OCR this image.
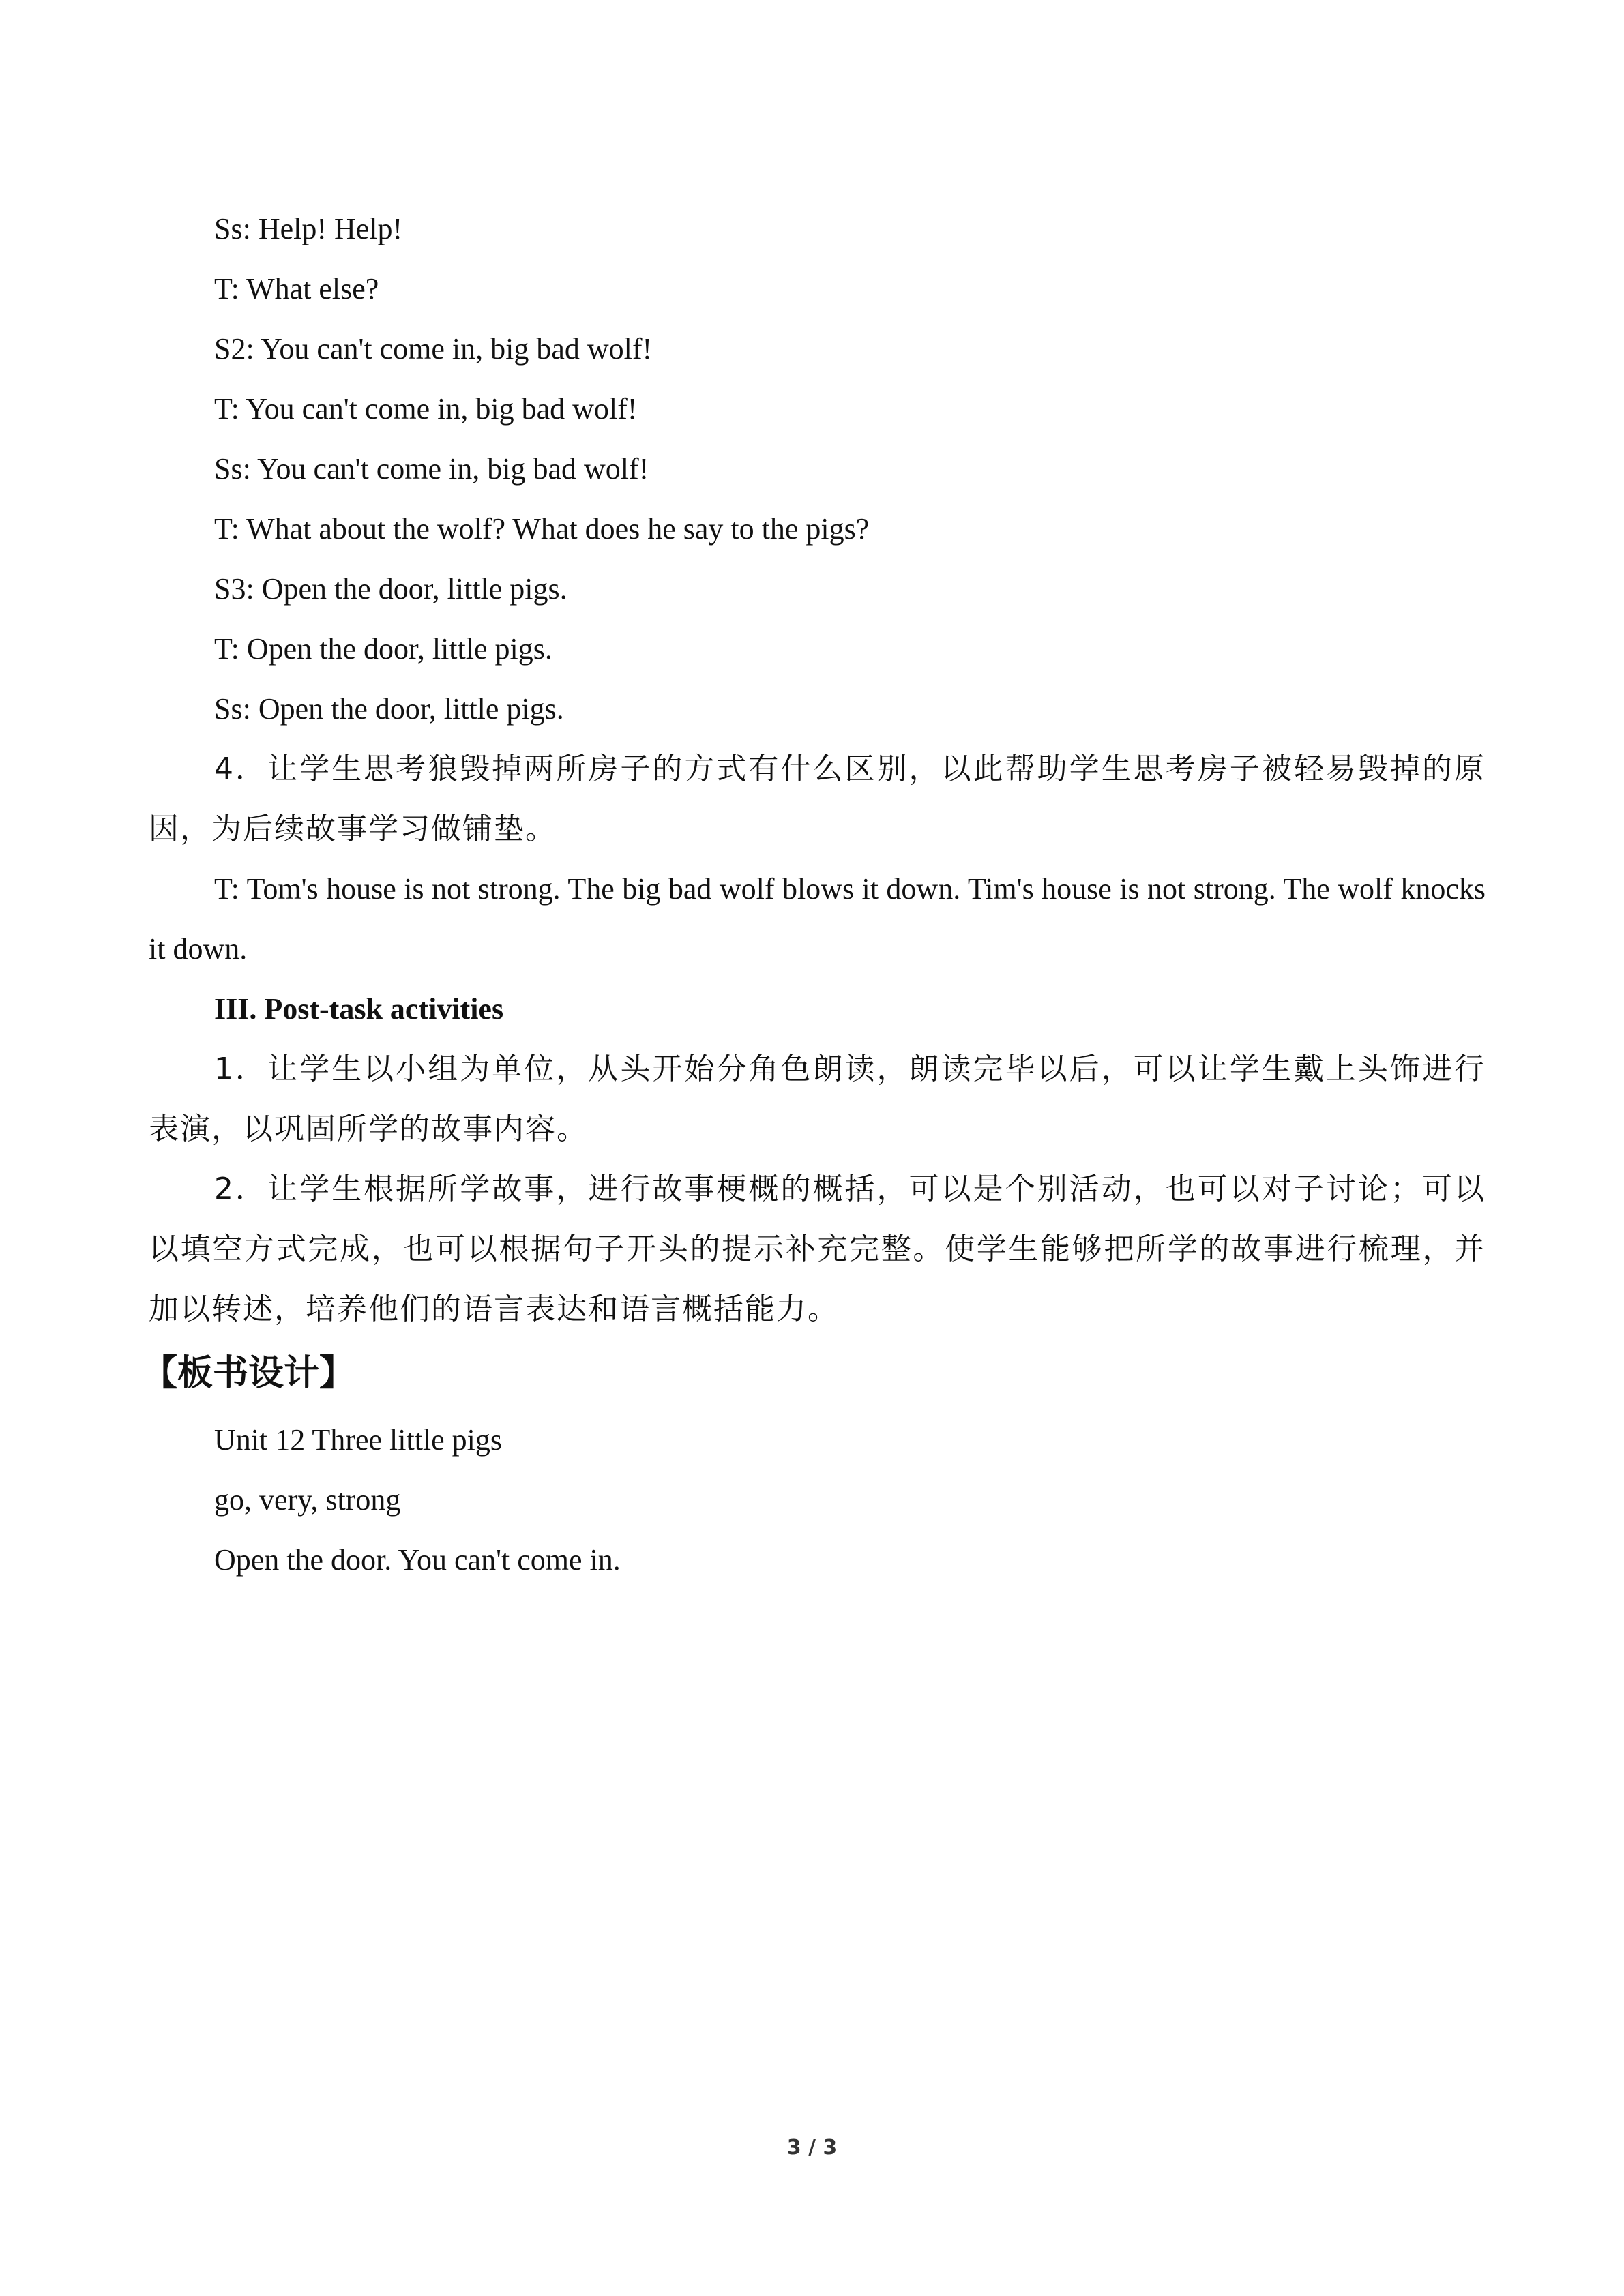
Ss: Help! Help!

T: What else?

S2: You can't come in, big bad wolf!

T: You can't come in, big bad wolf!

Ss: You can't come in, big bad wolf!

T: What about the wolf? What does he say to the pigs?

S3: Open the door, little pigs.

T: Open the door, little pigs.

Ss: Open the door, little pigs.

4．让学生思考狼毁掉两所房子的方式有什么区别，以此帮助学生思考房子被轻易毁掉的原因，为后续故事学习做铺垫。

T: Tom's house is not strong. The big bad wolf blows it down. Tim's house is not strong. The wolf knocks it down.

III. Post-task activities

1．让学生以小组为单位，从头开始分角色朗读，朗读完毕以后，可以让学生戴上头饰进行表演，以巩固所学的故事内容。

2．让学生根据所学故事，进行故事梗概的概括，可以是个别活动，也可以对子讨论；可以以填空方式完成，也可以根据句子开头的提示补充完整。使学生能够把所学的故事进行梳理，并加以转述，培养他们的语言表达和语言概括能力。

【板书设计】

Unit 12 Three little pigs

go, very, strong

Open the door. You can't come in.

3 / 3
